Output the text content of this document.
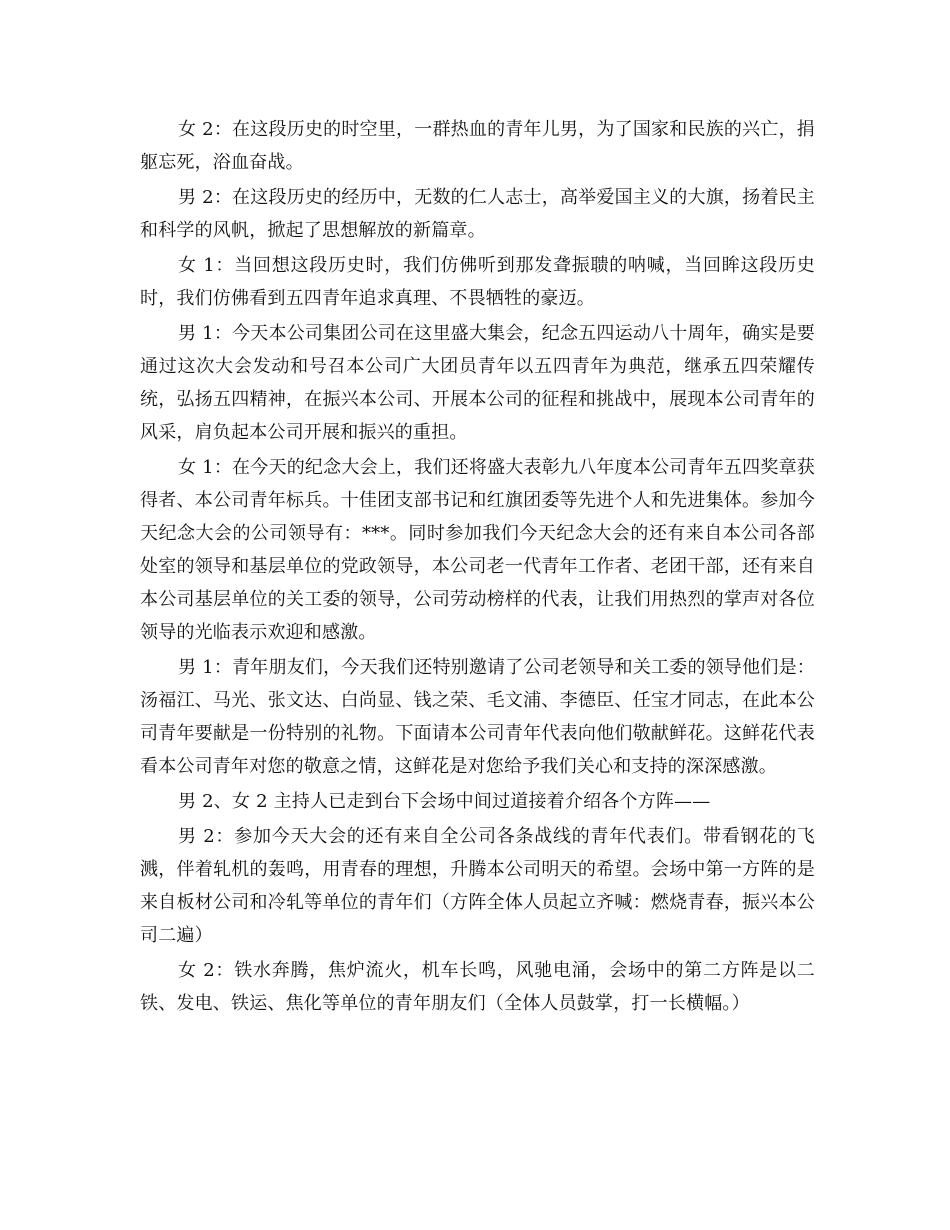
女 2：在这段历史的时空里，一群热血的青年儿男，为了国家和民族的兴亡，捐躯忘死，浴血奋战。

男 2：在这段历史的经历中，无数的仁人志士，高举爱国主义的大旗，扬着民主和科学的风帆，掀起了思想解放的新篇章。

女 1：当回想这段历史时，我们仿佛听到那发聋振聩的呐喊，当回眸这段历史时，我们仿佛看到五四青年追求真理、不畏牺牲的豪迈。

男 1：今天本公司集团公司在这里盛大集会，纪念五四运动八十周年，确实是要通过这次大会发动和号召本公司广大团员青年以五四青年为典范，继承五四荣耀传统，弘扬五四精神，在振兴本公司、开展本公司的征程和挑战中，展现本公司青年的风采，肩负起本公司开展和振兴的重担。

女 1：在今天的纪念大会上，我们还将盛大表彰九八年度本公司青年五四奖章获得者、本公司青年标兵。十佳团支部书记和红旗团委等先进个人和先进集体。参加今天纪念大会的公司领导有：***。同时参加我们今天纪念大会的还有来自本公司各部处室的领导和基层单位的党政领导，本公司老一代青年工作者、老团干部，还有来自本公司基层单位的关工委的领导，公司劳动榜样的代表，让我们用热烈的掌声对各位领导的光临表示欢迎和感激。

男 1：青年朋友们，今天我们还特别邀请了公司老领导和关工委的领导他们是：汤福江、马光、张文达、白尚显、钱之荣、毛文浦、李德臣、任宝才同志，在此本公司青年要献是一份特别的礼物。下面请本公司青年代表向他们敬献鲜花。这鲜花代表看本公司青年对您的敬意之情，这鲜花是对您给予我们关心和支持的深深感激。

男 2、女 2 主持人已走到台下会场中间过道接着介绍各个方阵——

男 2：参加今天大会的还有来自全公司各条战线的青年代表们。带看钢花的飞溅，伴着轧机的轰鸣，用青春的理想，升腾本公司明天的希望。会场中第一方阵的是来自板材公司和冷轧等单位的青年们（方阵全体人员起立齐喊：燃烧青春，振兴本公司二遍）

女 2：铁水奔腾，焦炉流火，机车长鸣，风驰电涌，会场中的第二方阵是以二铁、发电、铁运、焦化等单位的青年朋友们（全体人员鼓掌，打一长横幅。）
